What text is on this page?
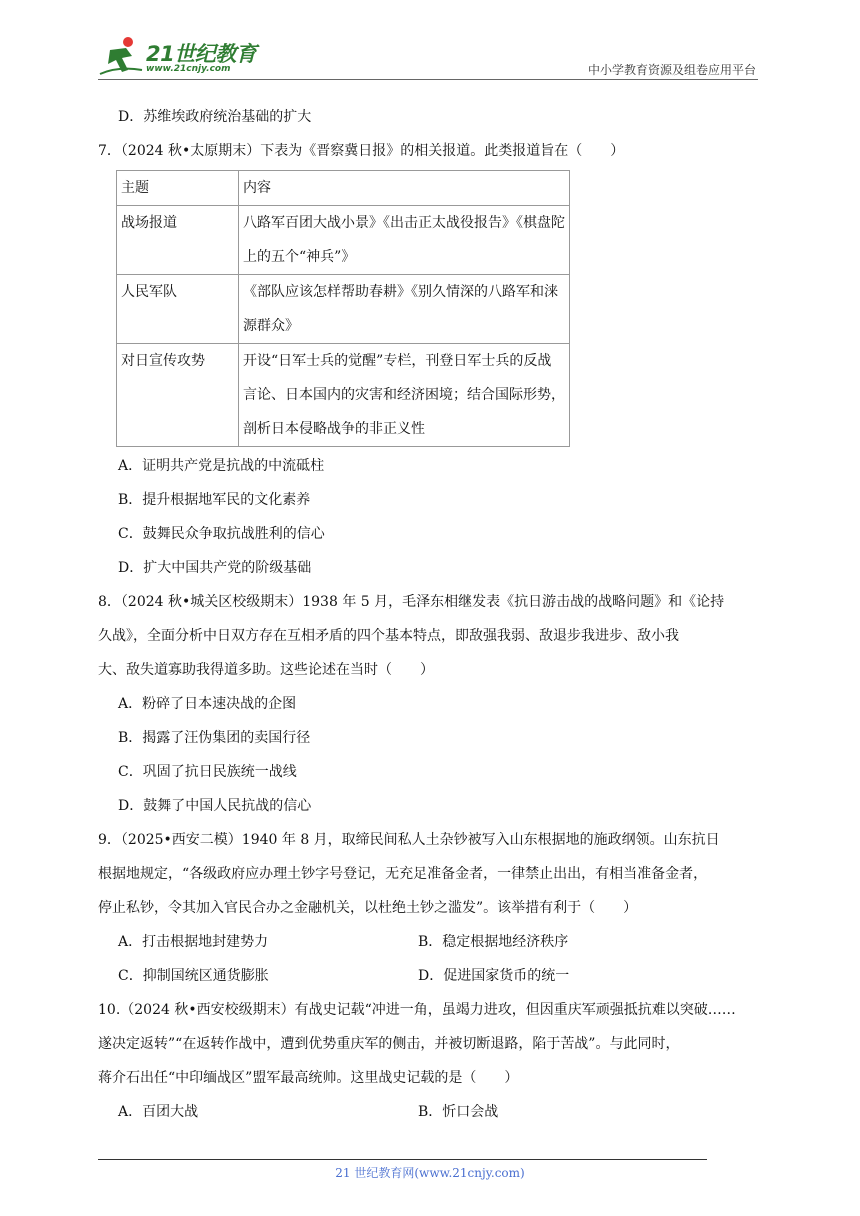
21世纪教育
www.21cnjy.com	中小学教育资源及组卷应用平台
D．苏维埃政府统治基础的扩大
7．（2024 秋•太原期末）下表为《晋察冀日报》的相关报道。此类报道旨在（　　）
主题	内容
战场报道	八路军百团大战小景》《出击正太战役报告》《棋盘陀上的五个“神兵”》
人民军队	《部队应该怎样帮助春耕》《别久情深的八路军和涞源群众》
对日宣传攻势	开设“日军士兵的觉醒”专栏，刊登日军士兵的反战言论、日本国内的灾害和经济困境；结合国际形势，剖析日本侵略战争的非正义性
A．证明共产党是抗战的中流砥柱
B．提升根据地军民的文化素养
C．鼓舞民众争取抗战胜利的信心
D．扩大中国共产党的阶级基础
8．（2024 秋•城关区校级期末）1938 年 5 月，毛泽东相继发表《抗日游击战的战略问题》和《论持
久战》，全面分析中日双方存在互相矛盾的四个基本特点，即敌强我弱、敌退步我进步、敌小我
大、敌失道寡助我得道多助。这些论述在当时（　　）
A．粉碎了日本速决战的企图
B．揭露了汪伪集团的卖国行径
C．巩固了抗日民族统一战线
D．鼓舞了中国人民抗战的信心
9．（2025•西安二模）1940 年 8 月，取缔民间私人土杂钞被写入山东根据地的施政纲领。山东抗日
根据地规定，“各级政府应办理土钞字号登记，无充足准备金者，一律禁止出出，有相当准备金者，
停止私钞，令其加入官民合办之金融机关，以杜绝土钞之滥发”。该举措有利于（　　）
A．打击根据地封建势力	B．稳定根据地经济秩序
C．抑制国统区通货膨胀	D．促进国家货币的统一
10.（2024 秋•西安校级期末）有战史记载“冲进一角，虽竭力进攻，但因重庆军顽强抵抗难以突破……
遂决定返转”“在返转作战中，遭到优势重庆军的侧击，并被切断退路，陷于苦战”。与此同时，
蒋介石出任“中印缅战区”盟军最高统帅。这里战史记载的是（　　）
A．百团大战	B．忻口会战
21 世纪教育网(www.21cnjy.com)
